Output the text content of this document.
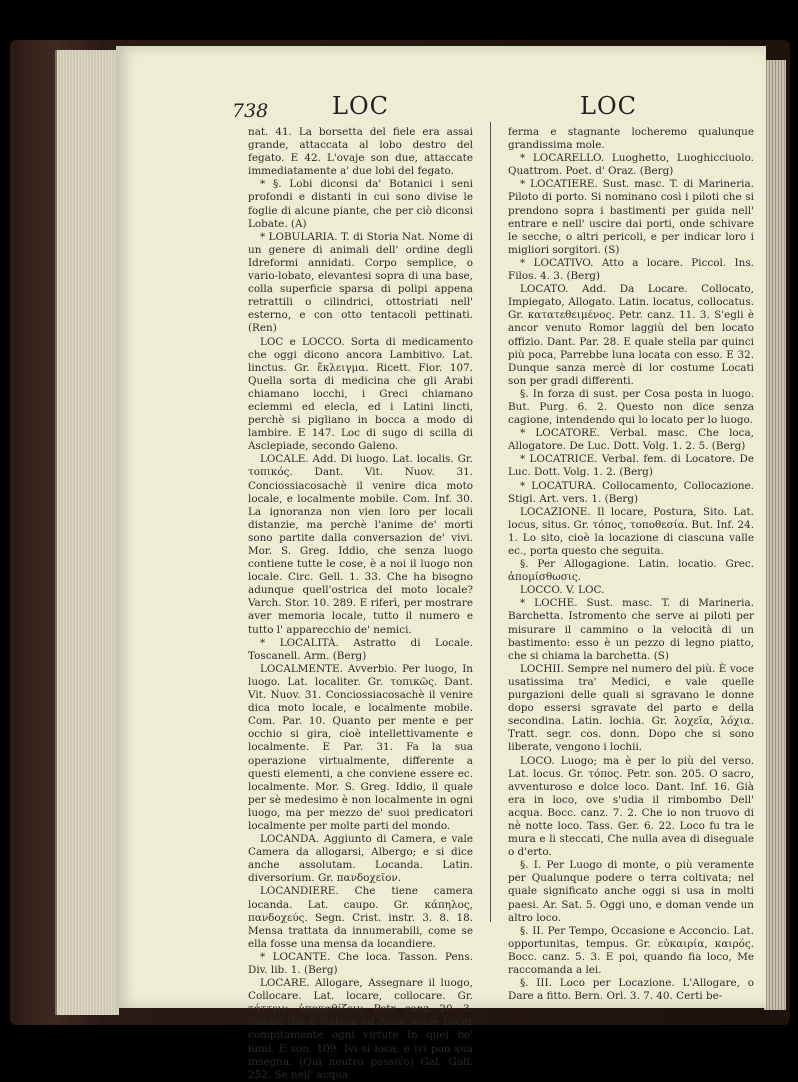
738	LOC	LOC

nat. 41. La borsetta del fiele era assai grande, attaccata al lobo destro del fegato. E 42. L'ovaje son due, attaccate immediatamente a' due lobi del fegato.

* §. Lobi diconsi da' Botanici i seni profondi e distanti in cui sono divise le foglie di alcune piante, che per ciò diconsi Lobate. (A)

* LOBULARIA. T. di Storia Nat. Nome di un genere di animali dell' ordine degli Idreformi annidati. Corpo semplice, o vario-lobato, elevantesi sopra di una base, colla superficie sparsa di polipi appena retrattili o cilindrici, ottostriati nell' esterno, e con otto tentacoli pettinati. (Ren)

LOC e LOCCO. Sorta di medicamento che oggi dicono ancora Lambitivo. Lat. linctus. Gr. ἔκλειγμα. Ricett. Fior. 107. Quella sorta di medicina che gli Arabi chiamano locchi, i Greci chiamano eclemmi ed elecla, ed i Latini lincti, perchè si pigliano in bocca a modo di lambire. E 147. Loc di sugo di scilla di Asclepiade, secondo Galeno.

LOCALE. Add. Di luogo. Lat. localis. Gr. τοπικός. Dant. Vit. Nuov. 31. Conciossiacosachè il venire dica moto locale, e localmente mobile. Com. Inf. 30. La ignoranza non vien loro per locali distanzie, ma perchè l'anime de' morti sono partite dalla conversazion de' vivi. Mor. S. Greg. Iddio, che senza luogo contiene tutte le cose, è a noi il luogo non locale. Circ. Gell. 1. 33. Che ha bisogno adunque quell'ostrica del moto locale? Varch. Stor. 10. 289. E riferì, per mostrare aver memoria locale, tutto il numero e tutto l' apparecchio de' nemici.

* LOCALITÀ. Astratto di Locale. Toscanell. Arm. (Berg)

LOCALMENTE. Avverbio. Per luogo, In luogo. Lat. localiter. Gr. τοπικῶς. Dant. Vit. Nuov. 31. Conciossiacosachè il venire dica moto locale, e localmente mobile. Com. Par. 10. Quanto per mente e per occhio si gira, cioè intellettivamente e localmente. E Par. 31. Fa la sua operazione virtualmente, differente a questi elementi, a che conviene essere ec. localmente. Mor. S. Greg. Iddio, il quale per sè medesimo è non localmente in ogni luogo, ma per mezzo de' suoi predicatori localmente per molte parti del mondo.

LOCANDA. Aggiunto di Camera, e vale Camera da allogarsi, Albergo; e si dice anche assolutam. Locanda. Latin. diversorium. Gr. πανδοχεῖον.

LOCANDIERE. Che tiene camera locanda. Lat. caupo. Gr. κάπηλος, πανδοχεύς. Segn. Crist. instr. 3. 8. 18. Mensa trattata da innumerabili, come se ella fosse una mensa da locandiere.

* LOCANTE. Che loca. Tasson. Pens. Div. lib. 1. (Berg)

LOCARE. Allogare, Assegnare il luogo, Collocare. Lat. locare, collocare. Gr. τάττειν, ὑποκαθίζειν. Petr. canz. 20. 3. Poichè Dio e Natura ed Amor volse Locar compitamente ogni virtute In quei be' lumi. E son. 109. Ivi si loca, e ivi pon sua insegna. (Qui neutro passivo) Gal. Gall. 252. Se nell' acqua

ferma e stagnante locheremo qualunque grandissima mole.

* LOCARELLO. Luoghetto, Luoghicciuolo. Quattrom. Poet. d' Oraz. (Berg)

* LOCATIERE. Sust. masc. T. di Marineria. Piloto di porto. Si nominano così i piloti che si prendono sopra i bastimenti per guida nell' entrare e nell' uscire dai porti, onde schivare le secche, o altri pericoli, e per indicar loro i migliori sorgitori. (S)

* LOCATIVO. Atto a locare. Piccol. Ins. Filos. 4. 3. (Berg)

LOCATO. Add. Da Locare. Collocato, Impiegato, Allogato. Latin. locatus, collocatus. Gr. κατατεθειμένος. Petr. canz. 11. 3. S'egli è ancor venuto Romor laggiù del ben locato offizio. Dant. Par. 28. E quale stella par quinci più poca, Parrebbe luna locata con esso. E 32. Dunque sanza mercè di lor costume Locati son per gradi differenti.

§. In forza di sust. per Cosa posta in luogo. But. Purg. 6. 2. Questo non dice senza cagione, intendendo qui lo locato per lo luogo.

* LOCATORE. Verbal. masc. Che loca, Allogatore. De Luc. Dott. Volg. 1. 2. 5. (Berg)

* LOCATRICE. Verbal. fem. di Locatore. De Luc. Dott. Volg. 1. 2. (Berg)

* LOCATURA. Collocamento, Collocazione. Stigl. Art. vers. 1. (Berg)

LOCAZIONE. Il locare, Postura, Sito. Lat. locus, situs. Gr. τόπος, τοποθεσία. But. Inf. 24. 1. Lo sito, cioè la locazione di ciascuna valle ec., porta questo che seguita.

§. Per Allogagione. Latin. locatio. Grec. ἀπομίσθωσις.

LOCCO. V. LOC.

* LOCHE. Sust. masc. T. di Marineria. Barchetta. Istromento che serve ai piloti per misurare il cammino o la velocità di un bastimento: esso è un pezzo di legno piatto, che si chiama la barchetta. (S)

LOCHII. Sempre nel numero del più. È voce usatissima tra' Medici, e vale quelle purgazioni delle quali si sgravano le donne dopo essersi sgravate del parto e della secondina. Latin. lochia. Gr. λοχεῖα, λόχια. Tratt. segr. cos. donn. Dopo che si sono liberate, vengono i lochii.

LOCO. Luogo; ma è per lo più del verso. Lat. locus. Gr. τόπος. Petr. son. 205. O sacro, avventuroso e dolce loco. Dant. Inf. 16. Già era in loco, ove s'udia il rimbombo Dell' acqua. Bocc. canz. 7. 2. Che io non truovo di nè notte loco. Tass. Ger. 6. 22. Loco fu tra le mura e li steccati, Che nulla avea di diseguale o d'erto.

§. I. Per Luogo di monte, o più veramente per Qualunque podere o terra coltivata; nel quale significato anche oggi si usa in molti paesi. Ar. Sat. 5. Oggi uno, e doman vende un altro loco.

§. II. Per Tempo, Occasione e Acconcio. Lat. opportunitas, tempus. Gr. εὐκαιρία, καιρός. Bocc. canz. 5. 3. E poi, quando fia loco, Me raccomanda a lei.

§. III. Loco per Locazione. L'Allogare, o Dare a fitto. Bern. Orl. 3. 7. 40. Certi be-
